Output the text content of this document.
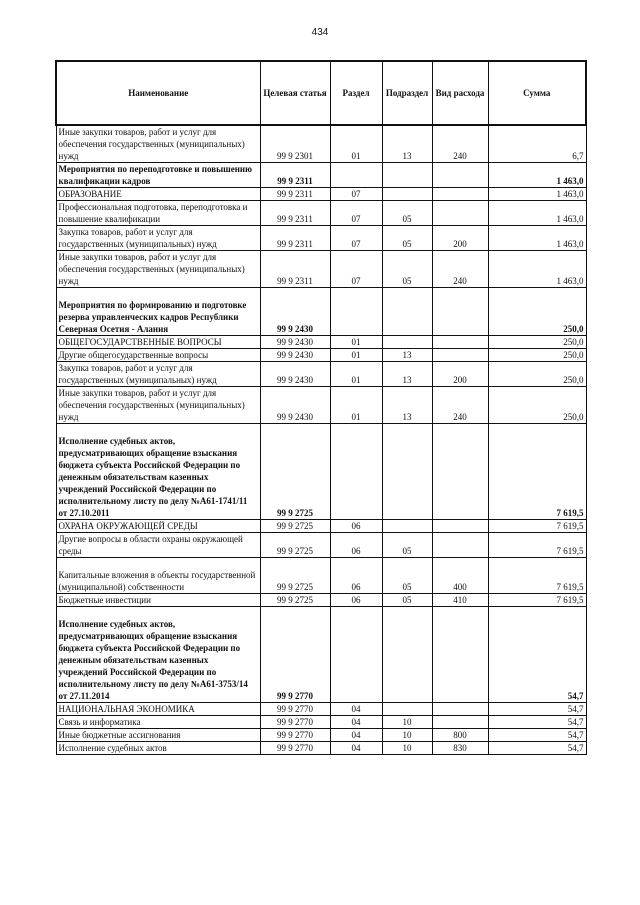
434
Наименование	Целевая статья	Раздел	Подраздел	Вид расхода	Сумма
Иные закупки товаров, работ и услуг для обеспечения государственных (муниципальных) нужд	99 9 2301	01	13	240	6,7
Мероприятия по переподготовке и повышению квалификации кадров	99 9 2311				1 463,0
ОБРАЗОВАНИЕ	99 9 2311	07			1 463,0
Профессиональная подготовка, переподготовка и повышение квалификации	99 9 2311	07	05		1 463,0
Закупка товаров, работ и услуг для государственных (муниципальных) нужд	99 9 2311	07	05	200	1 463,0
Иные закупки товаров, работ и услуг для обеспечения государственных (муниципальных) нужд	99 9 2311	07	05	240	1 463,0
Мероприятия по формированию и подготовке резерва управленческих кадров Республики Северная Осетия - Алания	99 9 2430				250,0
ОБЩЕГОСУДАРСТВЕННЫЕ ВОПРОСЫ	99 9 2430	01			250,0
Другие общегосударственные вопросы	99 9 2430	01	13		250,0
Закупка товаров, работ и услуг для государственных (муниципальных) нужд	99 9 2430	01	13	200	250,0
Иные закупки товаров, работ и услуг для обеспечения государственных (муниципальных) нужд	99 9 2430	01	13	240	250,0
Исполнение судебных актов, предусматривающих обращение взыскания бюджета субъекта Российской Федерации по денежным обязательствам казенных учреждений Российской Федерации по исполнительному листу по делу №А61-1741/11 от 27.10.2011	99 9 2725				7 619,5
ОХРАНА ОКРУЖАЮЩЕЙ СРЕДЫ	99 9 2725	06			7 619,5
Другие вопросы в области охраны окружающей среды	99 9 2725	06	05		7 619,5
Капитальные вложения в объекты государственной (муниципальной) собственности	99 9 2725	06	05	400	7 619,5
Бюджетные инвестиции	99 9 2725	06	05	410	7 619,5
Исполнение судебных актов, предусматривающих обращение взыскания бюджета субъекта Российской Федерации по денежным обязательствам казенных учреждений Российской Федерации по исполнительному листу по делу №А61-3753/14 от 27.11.2014	99 9 2770				54,7
НАЦИОНАЛЬНАЯ ЭКОНОМИКА	99 9 2770	04			54,7
Связь и информатика	99 9 2770	04	10		54,7
Иные бюджетные ассигнования	99 9 2770	04	10	800	54,7
Исполнение судебных актов	99 9 2770	04	10	830	54,7
